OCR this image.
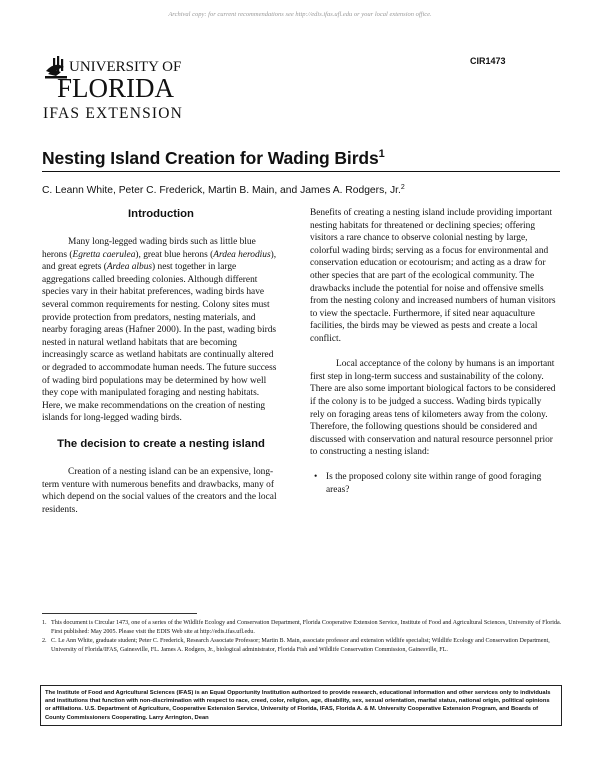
Archival copy: for current recommendations see http://edis.ifas.ufl.edu or your local extension office.
UNIVERSITY OF
FLORIDA
IFAS EXTENSION
CIR1473
Nesting Island Creation for Wading Birds$^1$
C. Leann White, Peter C. Frederick, Martin B. Main, and James A. Rodgers, Jr.$^2$
Introduction

Many long-legged wading birds such as little blue herons (Egretta caerulea), great blue herons (Ardea herodius), and great egrets (Ardea albus) nest together in large aggregations called breeding colonies. Although different species vary in their habitat preferences, wading birds have several common requirements for nesting. Colony sites must provide protection from predators, nesting materials, and nearby foraging areas (Hafner 2000). In the past, wading birds nested in natural wetland habitats that are becoming increasingly scarce as wetland habitats are continually altered or degraded to accommodate human needs. The future success of wading bird populations may be determined by how well they cope with manipulated foraging and nesting habitats. Here, we make recommendations on the creation of nesting islands for long-legged wading birds.

The decision to create a nesting island

Creation of a nesting island can be an expensive, long-term venture with numerous benefits and drawbacks, many of which depend on the social values of the creators and the local residents.

Benefits of creating a nesting island include providing important nesting habitats for threatened or declining species; offering visitors a rare chance to observe colonial nesting by large, colorful wading birds; serving as a focus for environmental and conservation education or ecotourism; and acting as a draw for other species that are part of the ecological community. The drawbacks include the potential for noise and offensive smells from the nesting colony and increased numbers of human visitors to view the spectacle. Furthermore, if sited near aquaculture facilities, the birds may be viewed as pests and create a local conflict.

Local acceptance of the colony by humans is an important first step in long-term success and sustainability of the colony. There are also some important biological factors to be considered if the colony is to be judged a success. Wading birds typically rely on foraging areas tens of kilometers away from the colony. Therefore, the following questions should be considered and discussed with conservation and natural resource personnel prior to constructing a nesting island:

• Is the proposed colony site within range of good foraging areas?

1. This document is Circular 1473, one of a series of the Wildlife Ecology and Conservation Department, Florida Cooperative Extension Service, Institute of Food and Agricultural Sciences, University of Florida. First published: May 2005. Please visit the EDIS Web site at http://edis.ifas.ufl.edu.

2. C. Le Ann White, graduate student; Peter C. Frederick, Research Associate Professor; Martin B. Main, associate professor and extension wildlife specialist; Wildlife Ecology and Conservation Department, University of Florida/IFAS, Gainesville, FL. James A. Rodgers, Jr., biological administrator, Florida Fish and Wildlife Conservation Commission, Gainesville, FL.

The Institute of Food and Agricultural Sciences (IFAS) is an Equal Opportunity Institution authorized to provide research, educational information and other services only to individuals and institutions that function with non-discrimination with respect to race, creed, color, religion, age, disability, sex, sexual orientation, marital status, national origin, political opinions or affiliations. U.S. Department of Agriculture, Cooperative Extension Service, University of Florida, IFAS, Florida A. & M. University Cooperative Extension Program, and Boards of County Commissioners Cooperating. Larry Arrington, Dean
